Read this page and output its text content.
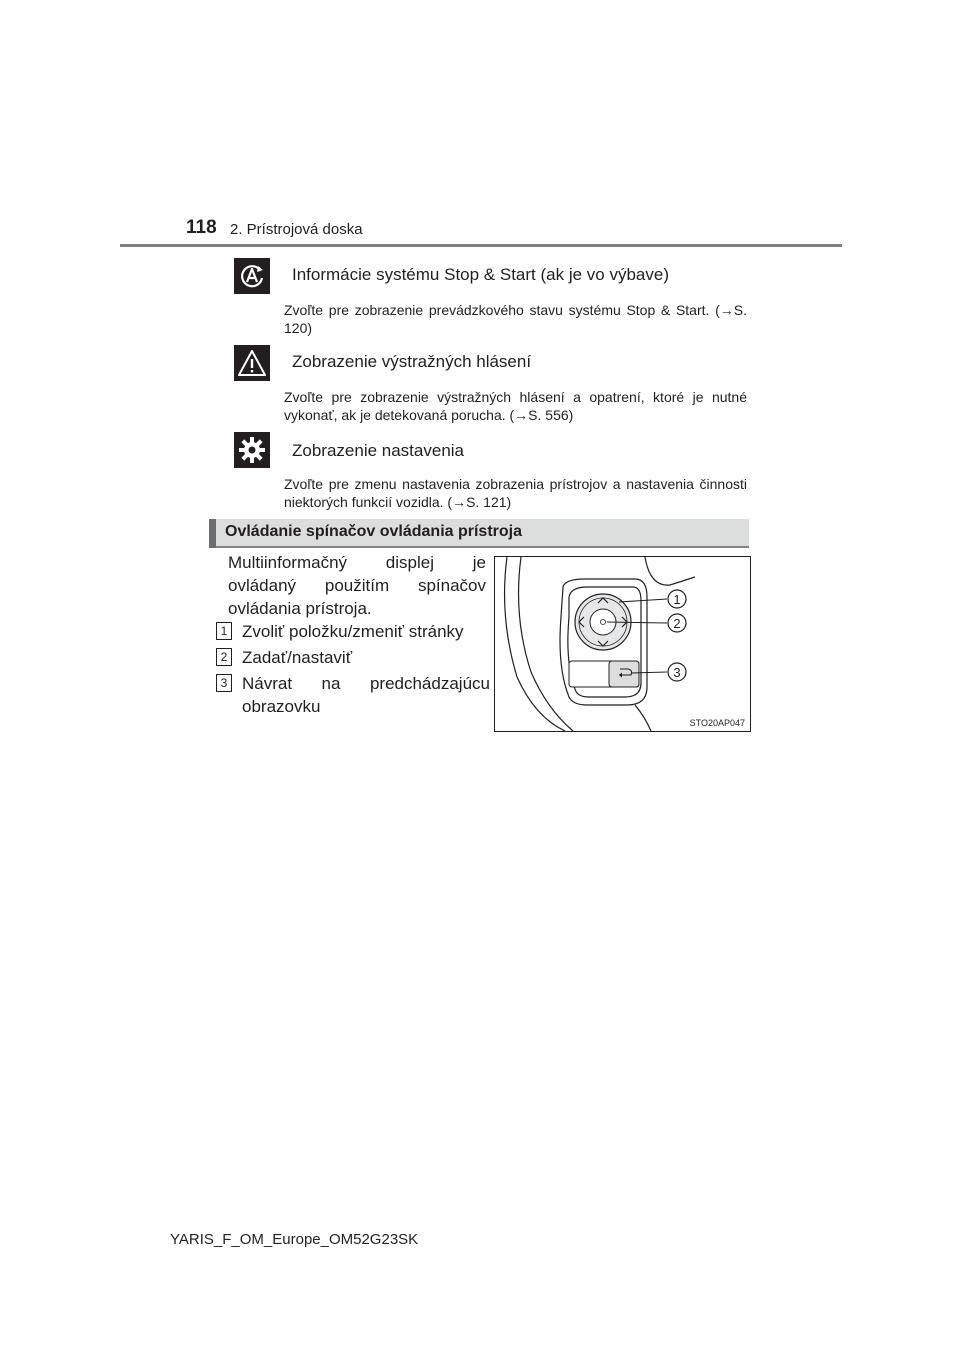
118 2. Prístrojová doska
Informácie systému Stop & Start (ak je vo výbave)
Zvoľte pre zobrazenie prevádzkového stavu systému Stop & Start. (→S. 120)
Zobrazenie výstražných hlásení
Zvoľte pre zobrazenie výstražných hlásení a opatrení, ktoré je nutné vykonať, ak je detekovaná porucha. (→S. 556)
Zobrazenie nastavenia
Zvoľte pre zmenu nastavenia zobrazenia prístrojov a nastavenia činnosti niektorých funkcií vozidla. (→S. 121)
Ovládanie spínačov ovládania prístroja
Multiinformačný displej je ovládaný použitím spínačov ovládania prístroja.
1 Zvoliť položku/zmeniť stránky
2 Zadať/nastaviť
3 Návrat na predchádzajúcu obrazovku
1
2
3
STO20AP047
YARIS_F_OM_Europe_OM52G23SK
